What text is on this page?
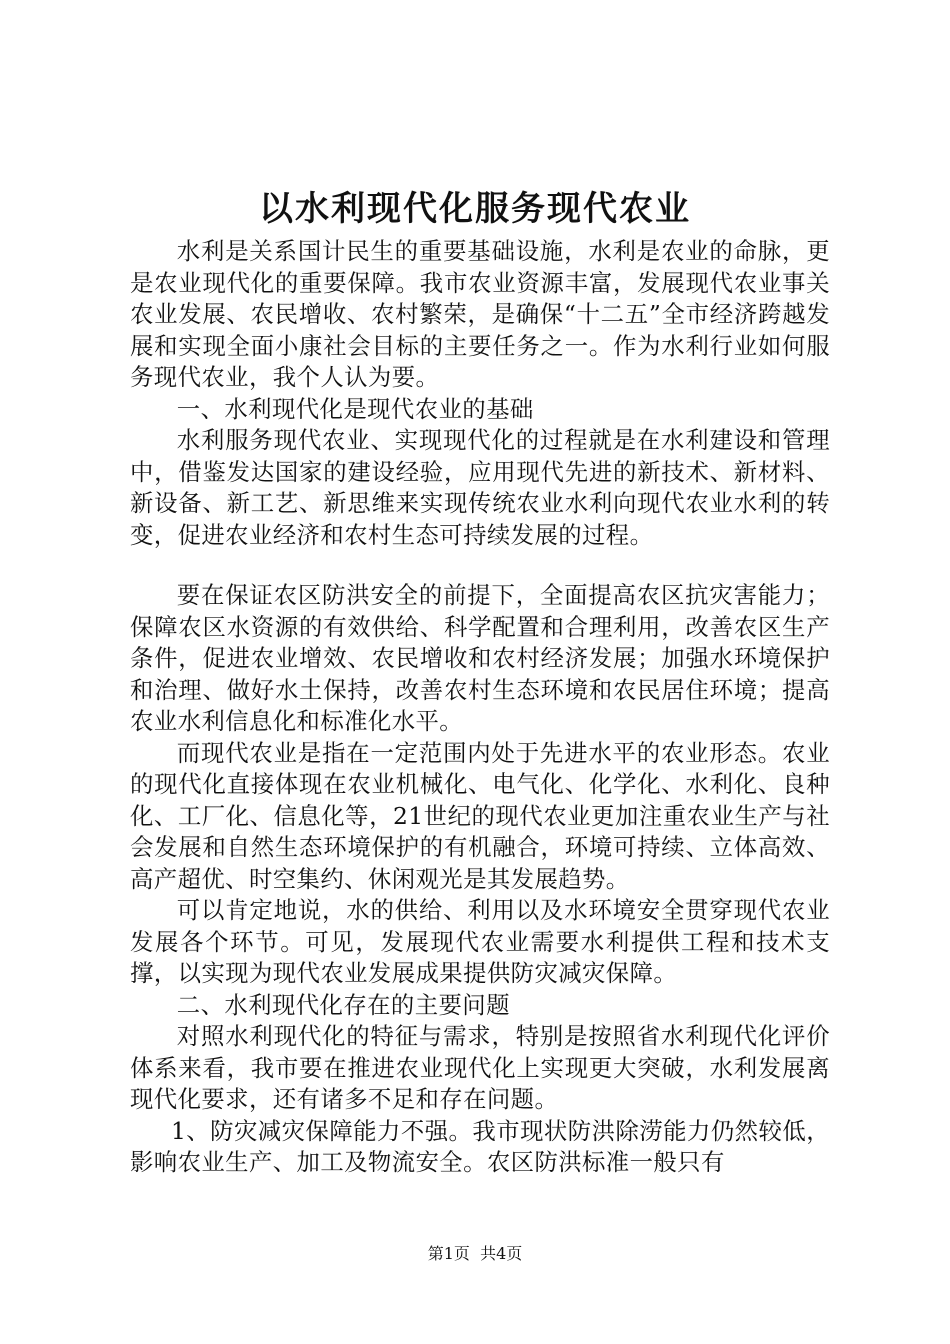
以水利现代化服务现代农业

水利是关系国计民生的重要基础设施，水利是农业的命脉，更是农业现代化的重要保障。我市农业资源丰富，发展现代农业事关农业发展、农民增收、农村繁荣，是确保“十二五”全市经济跨越发展和实现全面小康社会目标的主要任务之一。作为水利行业如何服务现代农业，我个人认为要。

一、水利现代化是现代农业的基础

水利服务现代农业、实现现代化的过程就是在水利建设和管理中，借鉴发达国家的建设经验，应用现代先进的新技术、新材料、新设备、新工艺、新思维来实现传统农业水利向现代农业水利的转变，促进农业经济和农村生态可持续发展的过程。

要在保证农区防洪安全的前提下，全面提高农区抗灾害能力；保障农区水资源的有效供给、科学配置和合理利用，改善农区生产条件，促进农业增效、农民增收和农村经济发展；加强水环境保护和治理、做好水土保持，改善农村生态环境和农民居住环境；提高农业水利信息化和标准化水平。

而现代农业是指在一定范围内处于先进水平的农业形态。农业的现代化直接体现在农业机械化、电气化、化学化、水利化、良种化、工厂化、信息化等，21世纪的现代农业更加注重农业生产与社会发展和自然生态环境保护的有机融合，环境可持续、立体高效、高产超优、时空集约、休闲观光是其发展趋势。

可以肯定地说，水的供给、利用以及水环境安全贯穿现代农业发展各个环节。可见，发展现代农业需要水利提供工程和技术支撑，以实现为现代农业发展成果提供防灾减灾保障。

二、水利现代化存在的主要问题

对照水利现代化的特征与需求，特别是按照省水利现代化评价体系来看，我市要在推进农业现代化上实现更大突破，水利发展离现代化要求，还有诸多不足和存在问题。

1、防灾减灾保障能力不强。我市现状防洪除涝能力仍然较低，影响农业生产、加工及物流安全。农区防洪标准一般只有

第1页  共4页
